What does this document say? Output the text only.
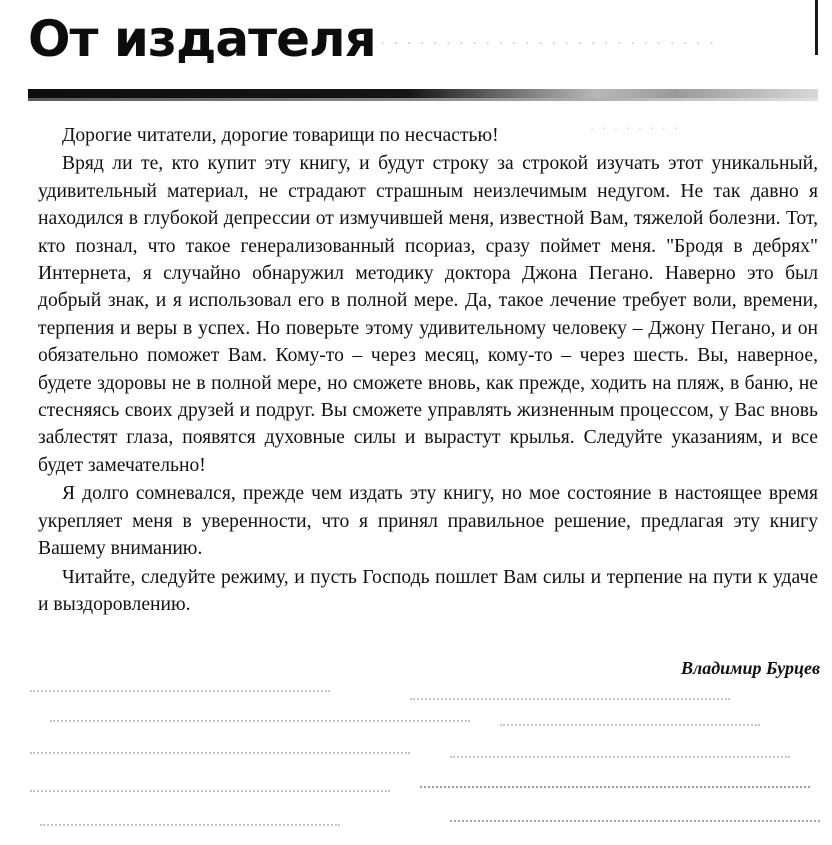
От издателя · · · · · · · · · · · · · · · · · · · · · · · · · ·
· · · · · · · ·

Дорогие читатели, дорогие товарищи по несчастью!

Вряд ли те, кто купит эту книгу, и будут строку за строкой изучать этот уникальный, удивительный материал, не страдают страшным неизлечимым недугом. Не так давно я находился в глубокой депрессии от измучившей меня, известной Вам, тяжелой болезни. Тот, кто познал, что такое генерализованный псориаз, сразу поймет меня. "Бродя в дебрях" Интернета, я случайно обнаружил методику доктора Джона Пегано. Наверно это был добрый знак, и я использовал его в полной мере. Да, такое лечение требует воли, времени, терпения и веры в успех. Но поверьте этому удивительному человеку – Джону Пегано, и он обязательно поможет Вам. Кому-то – через месяц, кому-то – через шесть. Вы, наверное, будете здоровы не в полной мере, но сможете вновь, как прежде, ходить на пляж, в баню, не стесняясь своих друзей и подруг. Вы сможете управлять жизненным процессом, у Вас вновь заблестят глаза, появятся духовные силы и вырастут крылья. Следуйте указаниям, и все будет замечательно!

Я долго сомневался, прежде чем издать эту книгу, но мое состояние в настоящее время укрепляет меня в уверенности, что я принял правильное решение, предлагая эту книгу Вашему вниманию.

Читайте, следуйте режиму, и пусть Господь пошлет Вам силы и терпение на пути к удаче и выздоровлению.

Владимир Бурцев
